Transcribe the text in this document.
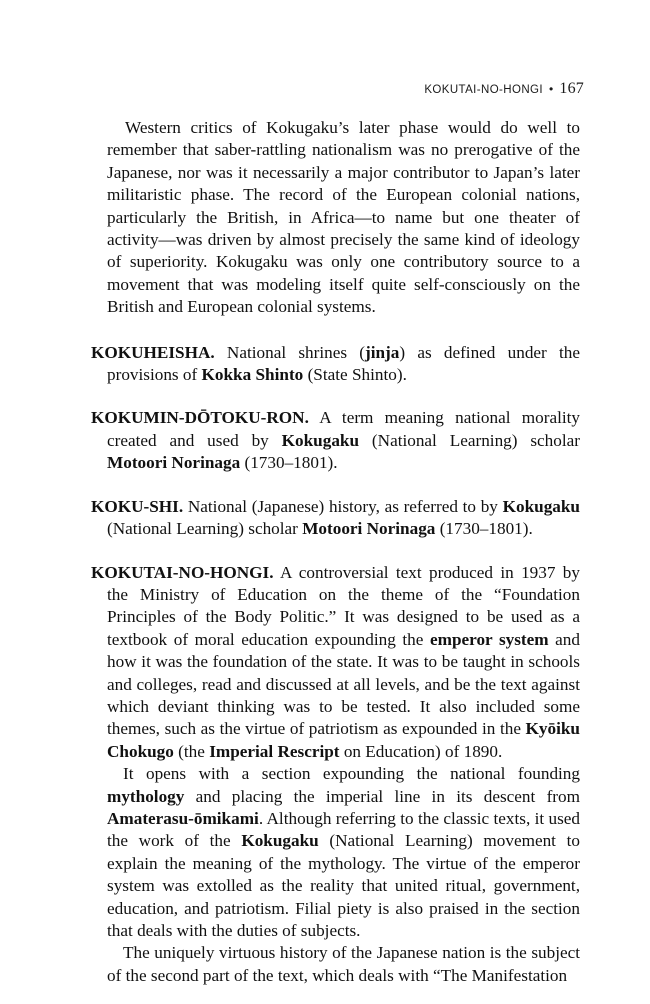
KOKUTAI-NO-HONGI • 167

Western critics of Kokugaku’s later phase would do well to remember that saber-rattling nationalism was no prerogative of the Japanese, nor was it necessarily a major contributor to Japan’s later militaristic phase. The record of the European colonial nations, particularly the British, in Africa—to name but one theater of activity—was driven by almost precisely the same kind of ideology of superiority. Kokugaku was only one contributory source to a movement that was modeling itself quite self-consciously on the British and European colonial systems.

KOKUHEISHA. National shrines (jinja) as defined under the provisions of Kokka Shinto (State Shinto).

KOKUMIN-DŌTOKU-RON. A term meaning national morality created and used by Kokugaku (National Learning) scholar Motoori Norinaga (1730–1801).

KOKU-SHI. National (Japanese) history, as referred to by Kokugaku (National Learning) scholar Motoori Norinaga (1730–1801).

KOKUTAI-NO-HONGI. A controversial text produced in 1937 by the Ministry of Education on the theme of the “Foundation Principles of the Body Politic.” It was designed to be used as a textbook of moral education expounding the emperor system and how it was the foundation of the state. It was to be taught in schools and colleges, read and discussed at all levels, and be the text against which deviant thinking was to be tested. It also included some themes, such as the virtue of patriotism as expounded in the Kyōiku Chokugo (the Imperial Rescript on Education) of 1890.

It opens with a section expounding the national founding mythology and placing the imperial line in its descent from Amaterasu-ōmikami. Although referring to the classic texts, it used the work of the Kokugaku (National Learning) movement to explain the meaning of the mythology. The virtue of the emperor system was extolled as the reality that united ritual, government, education, and patriotism. Filial piety is also praised in the section that deals with the duties of subjects.

The uniquely virtuous history of the Japanese nation is the subject of the second part of the text, which deals with “The Manifestation
